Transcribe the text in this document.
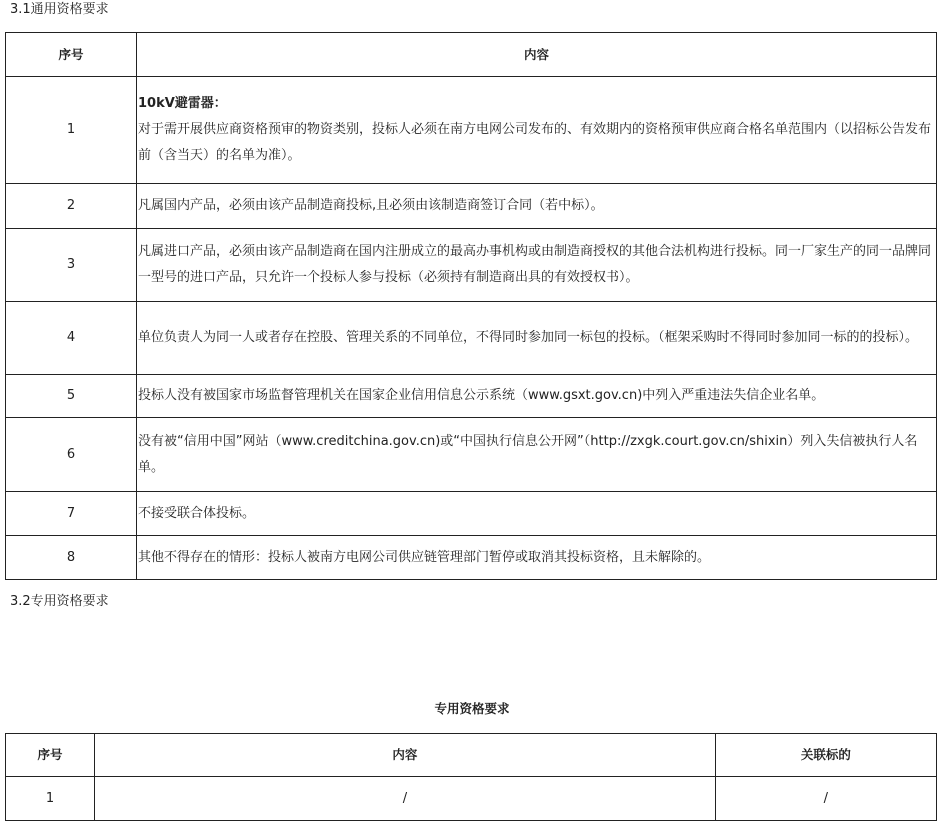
3.1通用资格要求
序号	内容
1	10kV避雷器：
对于需开展供应商资格预审的物资类别，投标人必须在南方电网公司发布的、有效期内的资格预审供应商合格名单范围内（以招标公告发布前（含当天）的名单为准）。
2	凡属国内产品，必须由该产品制造商投标,且必须由该制造商签订合同（若中标）。
3	凡属进口产品，必须由该产品制造商在国内注册成立的最高办事机构或由制造商授权的其他合法机构进行投标。同一厂家生产的同一品牌同一型号的进口产品，只允许一个投标人参与投标（必须持有制造商出具的有效授权书）。
4	单位负责人为同一人或者存在控股、管理关系的不同单位，不得同时参加同一标包的投标。（框架采购时不得同时参加同一标的的投标）。
5	投标人没有被国家市场监督管理机关在国家企业信用信息公示系统（www.gsxt.gov.cn)中列入严重违法失信企业名单。
6	没有被“信用中国”网站（www.creditchina.gov.cn)或“中国执行信息公开网”（http://zxgk.court.gov.cn/shixin）列入失信被执行人名单。
7	不接受联合体投标。
8	其他不得存在的情形：投标人被南方电网公司供应链管理部门暂停或取消其投标资格，且未解除的。
3.2专用资格要求
专用资格要求
序号	内容	关联标的
1	/	/
